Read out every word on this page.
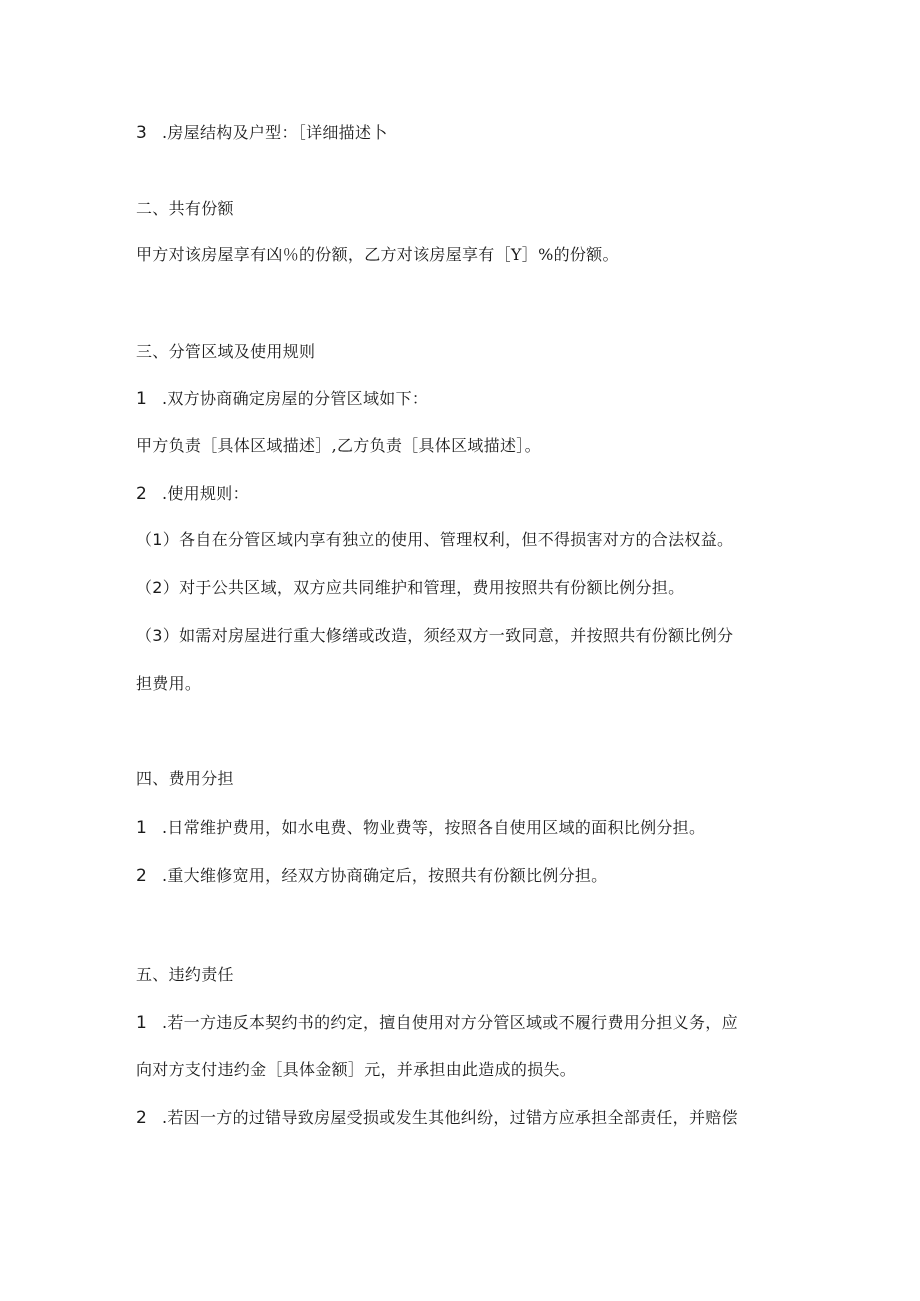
3 .房屋结构及户型：［详细描述卜
二、共有份额
甲方对该房屋享有凶％的份额，乙方对该房屋享有［Y］%的份额。
三、分管区域及使用规则
1 .双方协商确定房屋的分管区域如下：
甲方负责［具体区域描述］,乙方负责［具体区域描述］。
2 .使用规则：
（1）各自在分管区域内享有独立的使用、管理权利，但不得损害对方的合法权益。
（2）对于公共区域，双方应共同维护和管理，费用按照共有份额比例分担。
（3）如需对房屋进行重大修缮或改造，须经双方一致同意，并按照共有份额比例分
担费用。
四、费用分担
1 .日常维护费用，如水电费、物业费等，按照各自使用区域的面积比例分担。
2 .重大维修宽用，经双方协商确定后，按照共有份额比例分担。
五、违约责任
1 .若一方违反本契约书的约定，擅自使用对方分管区域或不履行费用分担义务，应
向对方支付违约金［具体金额］元，并承担由此造成的损失。
2 .若因一方的过错导致房屋受损或发生其他纠纷，过错方应承担全部责任，并赔偿
